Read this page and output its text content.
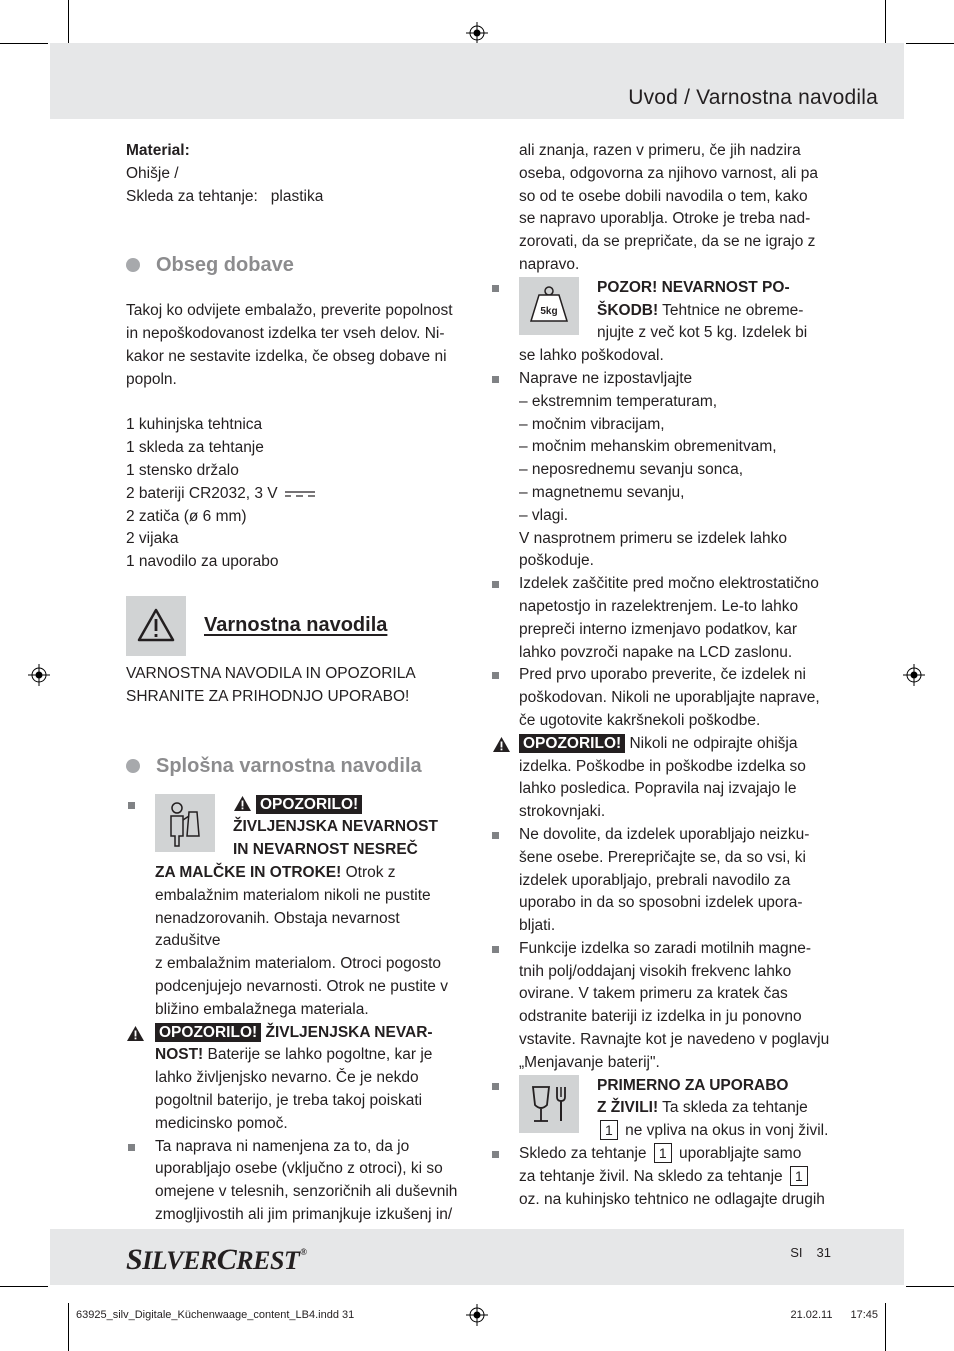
Uvod / Varnostna navodila

Material:

Ohišje /

Skleda za tehtanje: plastika

Obseg dobave

Takoj ko odvijete embalažo, preverite popolnost

in nepoškodovanost izdelka ter vseh delov. Ni-

kakor ne sestavite izdelka, če obseg dobave ni

popoln.

1 kuhinjska tehtnica

1 skleda za tehtanje

1 stensko držalo

2 bateriji CR2032, 3 V

2 zatiča (ø 6 mm)

2 vijaka

1 navodilo za uporabo

Varnostna navodila

VARNOSTNA NAVODILA IN OPOZORILA

SHRANITE ZA PRIHODNJO UPORABO!

Splošna varnostna navodila

OPOZORILO!

ŽIVLJENJSKA NEVARNOST

IN NEVARNOST NESREČ

ZA MALČKE IN OTROKE! Otrok z

embalažnim materialom nikoli ne pustite

nenadzorovanih. Obstaja nevarnost zadušitve

z embalažnim materialom. Otroci pogosto

podcenjujejo nevarnosti. Otrok ne pustite v

bližino embalažnega materiala.

OPOZORILO! ŽIVLJENJSKA NEVAR-

NOST! Baterije se lahko pogoltne, kar je

lahko življenjsko nevarno. Če je nekdo

pogoltnil baterijo, je treba takoj poiskati

medicinsko pomoč.

Ta naprava ni namenjena za to, da jo

uporabljajo osebe (vključno z otroci), ki so

omejene v telesnih, senzoričnih ali duševnih

zmogljivostih ali jim primanjkuje izkušenj in/

ali znanja, razen v primeru, če jih nadzira

oseba, odgovorna za njihovo varnost, ali pa

so od te osebe dobili navodila o tem, kako

se napravo uporablja. Otroke je treba nad-

zorovati, da se prepričate, da se ne igrajo z

napravo.

5kg

POZOR! NEVARNOST PO-

ŠKODB! Tehtnice ne obreme-

njujte z več kot 5 kg. Izdelek bi

se lahko poškodoval.

Naprave ne izpostavljajte

– ekstremnim temperaturam,

– močnim vibracijam,

– močnim mehanskim obremenitvam,

– neposrednemu sevanju sonca,

– magnetnemu sevanju,

– vlagi.

V nasprotnem primeru se izdelek lahko

poškoduje.

Izdelek zaščitite pred močno elektrostatično

napetostjo in razelektrenjem. Le-to lahko

prepreči interno izmenjavo podatkov, kar

lahko povzroči napake na LCD zaslonu.

Pred prvo uporabo preverite, če izdelek ni

poškodovan. Nikoli ne uporabljajte naprave,

če ugotovite kakršnekoli poškodbe.

OPOZORILO! Nikoli ne odpirajte ohišja

izdelka. Poškodbe in poškodbe izdelka so

lahko posledica. Popravila naj izvajajo le

strokovnjaki.

Ne dovolite, da izdelek uporabljajo neizku-

šene osebe. Prerepričajte se, da so vsi, ki

izdelek uporabljajo, prebrali navodilo za

uporabo in da so sposobni izdelek upora-

bljati.

Funkcije izdelka so zaradi motilnih magne-

tnih polj/oddajanj visokih frekvenc lahko

ovirane. V takem primeru za kratek čas

odstranite bateriji iz izdelka in ju ponovno

vstavite. Ravnajte kot je navedeno v poglavju

„Menjavanje baterij".

PRIMERNO ZA UPORABO

Z ŽIVILI! Ta skleda za tehtanje

1 ne vpliva na okus in vonj živil.

Skledo za tehtanje 1 uporabljajte samo

za tehtanje živil. Na skledo za tehtanje 1

oz. na kuhinjsko tehtnico ne odlagajte drugih

SILVERCREST®	SI 31
63925_silv_Digitale_Küchenwaage_content_LB4.indd 31	21.02.11 17:45
